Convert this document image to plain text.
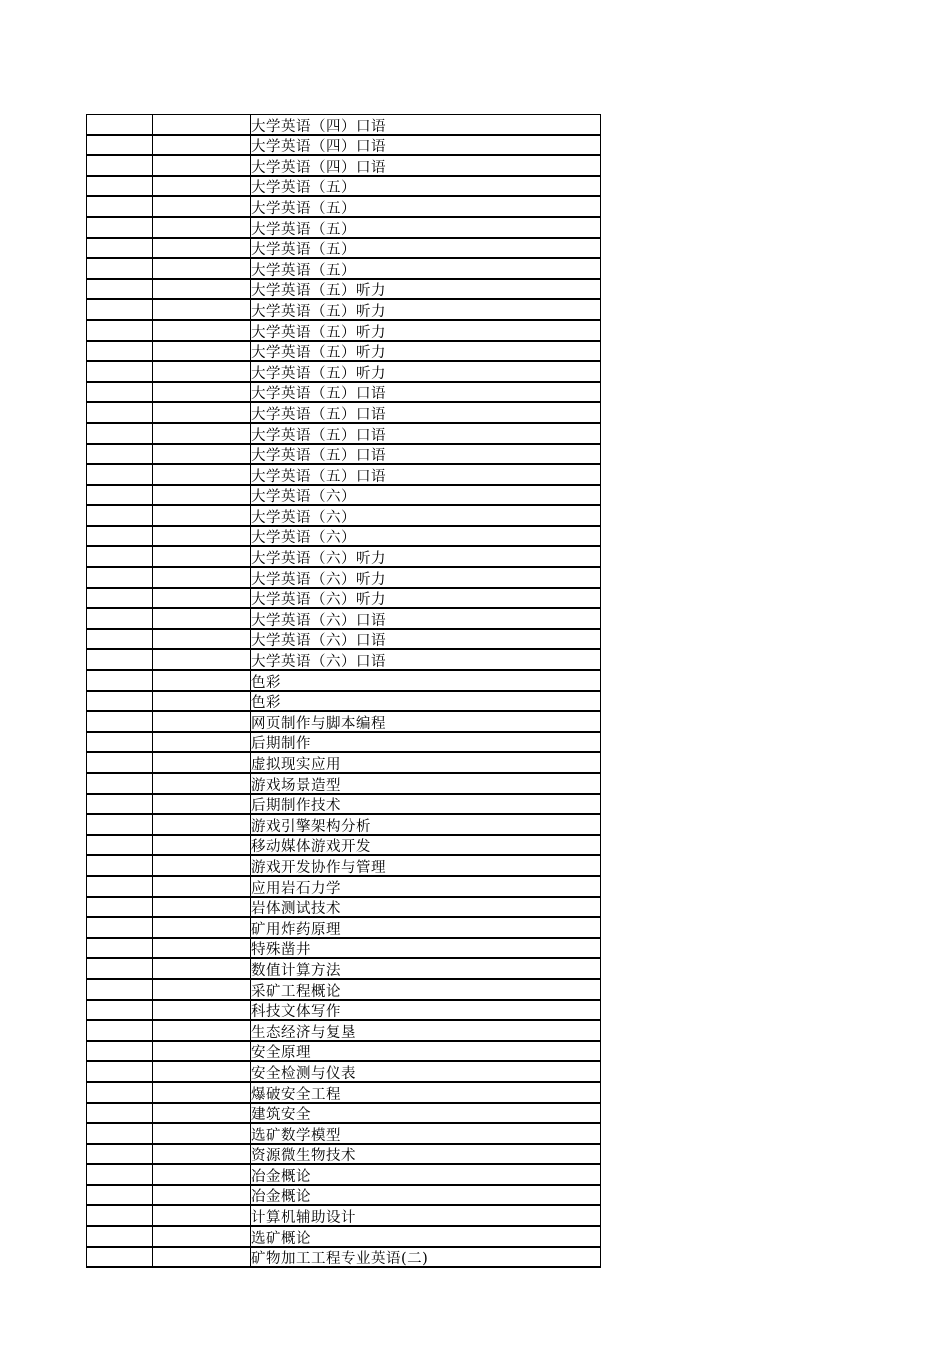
		大学英语（四）口语
		大学英语（四）口语
		大学英语（四）口语
		大学英语（五）
		大学英语（五）
		大学英语（五）
		大学英语（五）
		大学英语（五）
		大学英语（五）听力
		大学英语（五）听力
		大学英语（五）听力
		大学英语（五）听力
		大学英语（五）听力
		大学英语（五）口语
		大学英语（五）口语
		大学英语（五）口语
		大学英语（五）口语
		大学英语（五）口语
		大学英语（六）
		大学英语（六）
		大学英语（六）
		大学英语（六）听力
		大学英语（六）听力
		大学英语（六）听力
		大学英语（六）口语
		大学英语（六）口语
		大学英语（六）口语
		色彩
		色彩
		网页制作与脚本编程
		后期制作
		虚拟现实应用
		游戏场景造型
		后期制作技术
		游戏引擎架构分析
		移动媒体游戏开发
		游戏开发协作与管理
		应用岩石力学
		岩体测试技术
		矿用炸药原理
		特殊凿井
		数值计算方法
		采矿工程概论
		科技文体写作
		生态经济与复垦
		安全原理
		安全检测与仪表
		爆破安全工程
		建筑安全
		选矿数学模型
		资源微生物技术
		冶金概论
		冶金概论
		计算机辅助设计
		选矿概论
		矿物加工工程专业英语(二)
